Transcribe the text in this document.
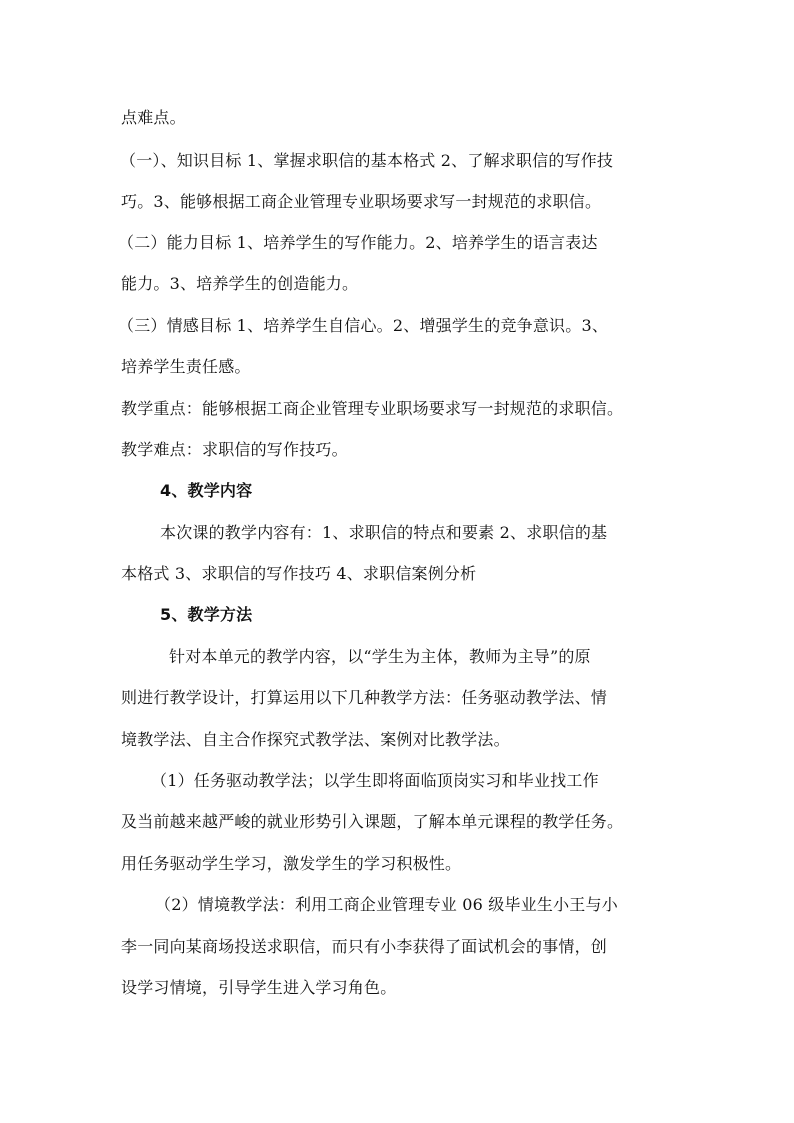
点难点。
（一）、知识目标 1、掌握求职信的基本格式 2、了解求职信的写作技
巧。3、能够根据工商企业管理专业职场要求写一封规范的求职信。
（二）能力目标 1、培养学生的写作能力。2、培养学生的语言表达
能力。3、培养学生的创造能力。
（三）情感目标 1、培养学生自信心。2、增强学生的竞争意识。3、
培养学生责任感。
教学重点：能够根据工商企业管理专业职场要求写一封规范的求职信。
教学难点：求职信的写作技巧。
4、教学内容
本次课的教学内容有：1、求职信的特点和要素 2、求职信的基
本格式 3、求职信的写作技巧 4、求职信案例分析
5、教学方法
针对本单元的教学内容，以“学生为主体，教师为主导”的原
则进行教学设计，打算运用以下几种教学方法：任务驱动教学法、情
境教学法、自主合作探究式教学法、案例对比教学法。
（1）任务驱动教学法；以学生即将面临顶岗实习和毕业找工作
及当前越来越严峻的就业形势引入课题，了解本单元课程的教学任务。
用任务驱动学生学习，激发学生的学习积极性。
（2）情境教学法：利用工商企业管理专业 06 级毕业生小王与小
李一同向某商场投送求职信，而只有小李获得了面试机会的事情，创
设学习情境，引导学生进入学习角色。
